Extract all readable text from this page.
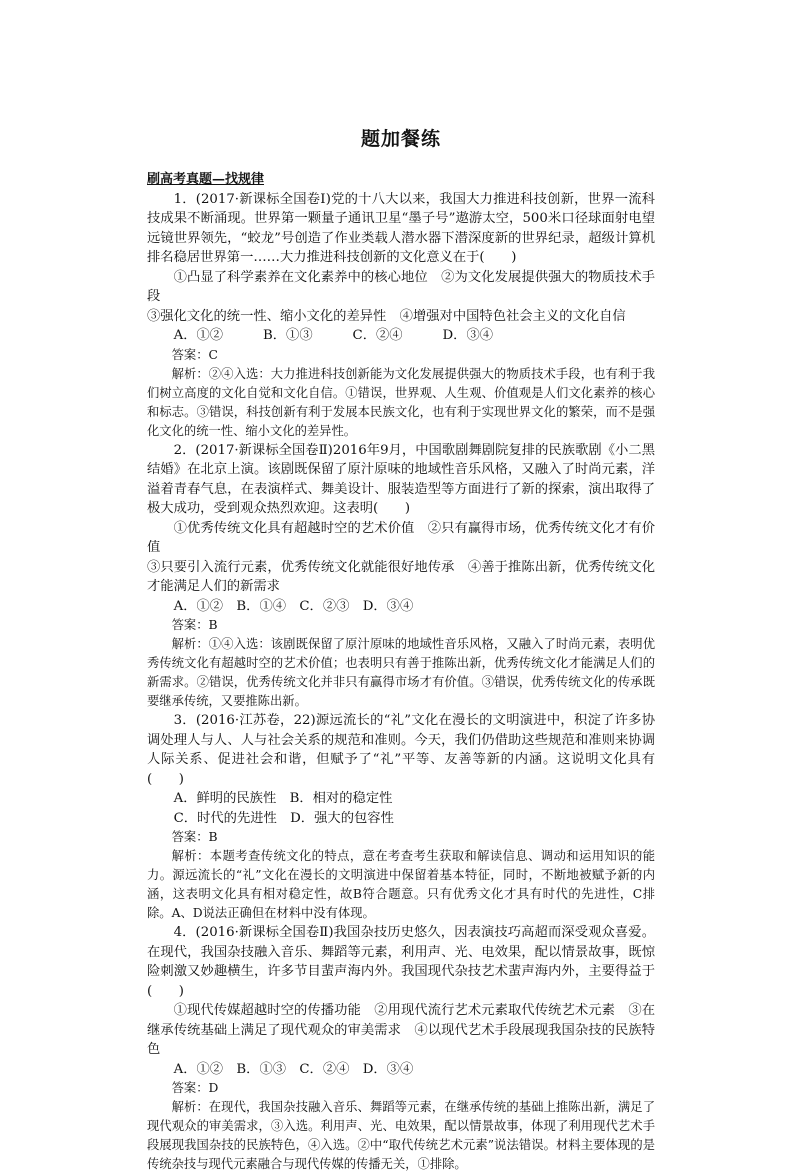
题加餐练
刷高考真题—找规律
1．(2017·新课标全国卷Ⅰ)党的十八大以来，我国大力推进科技创新，世界一流科技成果不断涌现。世界第一颗量子通讯卫星“墨子号”遨游太空，500米口径球面射电望远镜世界领先，“蛟龙”号创造了作业类载人潜水器下潜深度新的世界纪录，超级计算机排名稳居世界第一……大力推进科技创新的文化意义在于(　　)
①凸显了科学素养在文化素养中的核心地位　②为文化发展提供强大的物质技术手段
③强化文化的统一性、缩小文化的差异性　④增强对中国特色社会主义的文化自信
A．①②　　　B．①③　　　C．②④　　　D．③④
答案：C
解析：②④入选：大力推进科技创新能为文化发展提供强大的物质技术手段，也有利于我们树立高度的文化自觉和文化自信。①错误，世界观、人生观、价值观是人们文化素养的核心和标志。③错误，科技创新有利于发展本民族文化，也有利于实现世界文化的繁荣，而不是强化文化的统一性、缩小文化的差异性。
2．(2017·新课标全国卷Ⅱ)2016年9月，中国歌剧舞剧院复排的民族歌剧《小二黑结婚》在北京上演。该剧既保留了原汁原味的地域性音乐风格，又融入了时尚元素，洋溢着青春气息，在表演样式、舞美设计、服装造型等方面进行了新的探索，演出取得了极大成功，受到观众热烈欢迎。这表明(　　)
①优秀传统文化具有超越时空的艺术价值　②只有赢得市场，优秀传统文化才有价值
③只要引入流行元素，优秀传统文化就能很好地传承　④善于推陈出新，优秀传统文化才能满足人们的新需求
A．①②　B．①④　C．②③　D．③④
答案：B
解析：①④入选：该剧既保留了原汁原味的地域性音乐风格，又融入了时尚元素，表明优秀传统文化有超越时空的艺术价值；也表明只有善于推陈出新，优秀传统文化才能满足人们的新需求。②错误，优秀传统文化并非只有赢得市场才有价值。③错误，优秀传统文化的传承既要继承传统，又要推陈出新。
3．(2016·江苏卷，22)源远流长的“礼”文化在漫长的文明演进中，积淀了许多协调处理人与人、人与社会关系的规范和准则。今天，我们仍借助这些规范和准则来协调人际关系、促进社会和谐，但赋予了“礼”平等、友善等新的内涵。这说明文化具有(　　)
A．鲜明的民族性　B．相对的稳定性
C．时代的先进性　D．强大的包容性
答案：B
解析：本题考查传统文化的特点，意在考查考生获取和解读信息、调动和运用知识的能力。源远流长的“礼”文化在漫长的文明演进中保留着基本特征，同时，不断地被赋予新的内涵，这表明文化具有相对稳定性，故B符合题意。只有优秀文化才具有时代的先进性，C排除。A、D说法正确但在材料中没有体现。
4．(2016·新课标全国卷Ⅱ)我国杂技历史悠久，因表演技巧高超而深受观众喜爱。在现代，我国杂技融入音乐、舞蹈等元素，利用声、光、电效果，配以情景故事，既惊险刺激又妙趣横生，许多节目蜚声海内外。我国现代杂技艺术蜚声海内外，主要得益于(　　)
①现代传媒超越时空的传播功能　②用现代流行艺术元素取代传统艺术元素　③在继承传统基础上满足了现代观众的审美需求　④以现代艺术手段展现我国杂技的民族特色
A．①②　B．①③　C．②④　D．③④
答案：D
解析：在现代，我国杂技融入音乐、舞蹈等元素，在继承传统的基础上推陈出新，满足了现代观众的审美需求，③入选。利用声、光、电效果，配以情景故事，体现了利用现代艺术手段展现我国杂技的民族特色，④入选。②中“取代传统艺术元素”说法错误。材料主要体现的是传统杂技与现代元素融合与现代传媒的传播无关，①排除。
